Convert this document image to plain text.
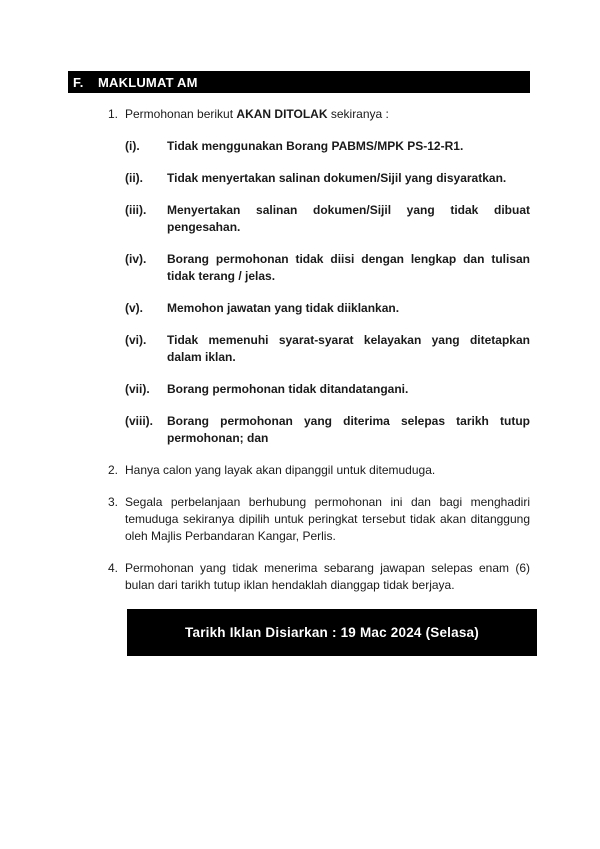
F.	MAKLUMAT AM
1. Permohonan berikut AKAN DITOLAK sekiranya :
(i).	Tidak menggunakan Borang PABMS/MPK PS-12-R1.
(ii).	Tidak menyertakan salinan dokumen/Sijil yang disyaratkan.
(iii).	Menyertakan salinan dokumen/Sijil yang tidak dibuat pengesahan.
(iv).	Borang permohonan tidak diisi dengan lengkap dan tulisan tidak terang / jelas.
(v).	Memohon jawatan yang tidak diiklankan.
(vi).	Tidak memenuhi syarat-syarat kelayakan yang ditetapkan dalam iklan.
(vii).	Borang permohonan tidak ditandatangani.
(viii).	Borang permohonan yang diterima selepas tarikh tutup permohonan; dan
2. Hanya calon yang layak akan dipanggil untuk ditemuduga.
3. Segala perbelanjaan berhubung permohonan ini dan bagi menghadiri temuduga sekiranya dipilih untuk peringkat tersebut tidak akan ditanggung oleh Majlis Perbandaran Kangar, Perlis.
4. Permohonan yang tidak menerima sebarang jawapan selepas enam (6) bulan dari tarikh tutup iklan hendaklah dianggap tidak berjaya.
Tarikh Iklan Disiarkan : 19 Mac 2024 (Selasa)
